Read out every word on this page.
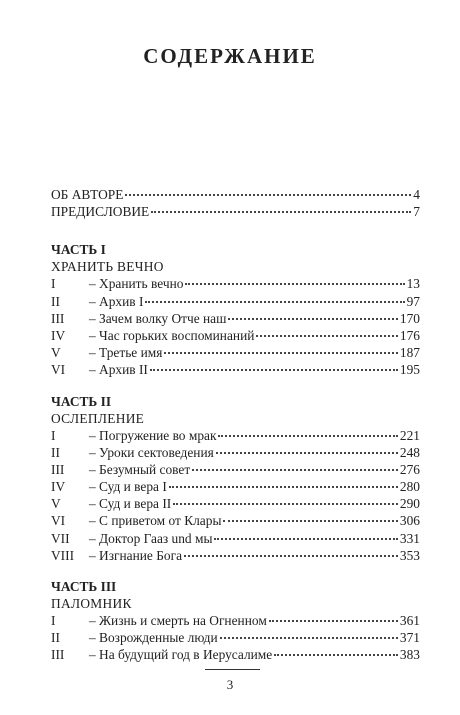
СОДЕРЖАНИЕ
ОБ АВТОРЕ	4
ПРЕДИСЛОВИЕ	7
ЧАСТЬ I
ХРАНИТЬ ВЕЧНО
I	– Хранить вечно	13
II	– Архив I	97
III	– Зачем волку Отче наш	170
IV	– Час горьких воспоминаний	176
V	– Третье имя	187
VI	– Архив II	195
ЧАСТЬ II
ОСЛЕПЛЕНИЕ
I	– Погружение во мрак	221
II	– Уроки сектоведения	248
III	– Безумный совет	276
IV	– Суд и вера I	280
V	– Суд и вера II	290
VI	– С приветом от Клары	306
VII	– Доктор Гааз und мы	331
VIII	– Изгнание Бога	353
ЧАСТЬ III
ПАЛОМНИК
I	– Жизнь и смерть на Огненном	361
II	– Возрожденные люди	371
III	– На будущий год в Иерусалиме	383
3
